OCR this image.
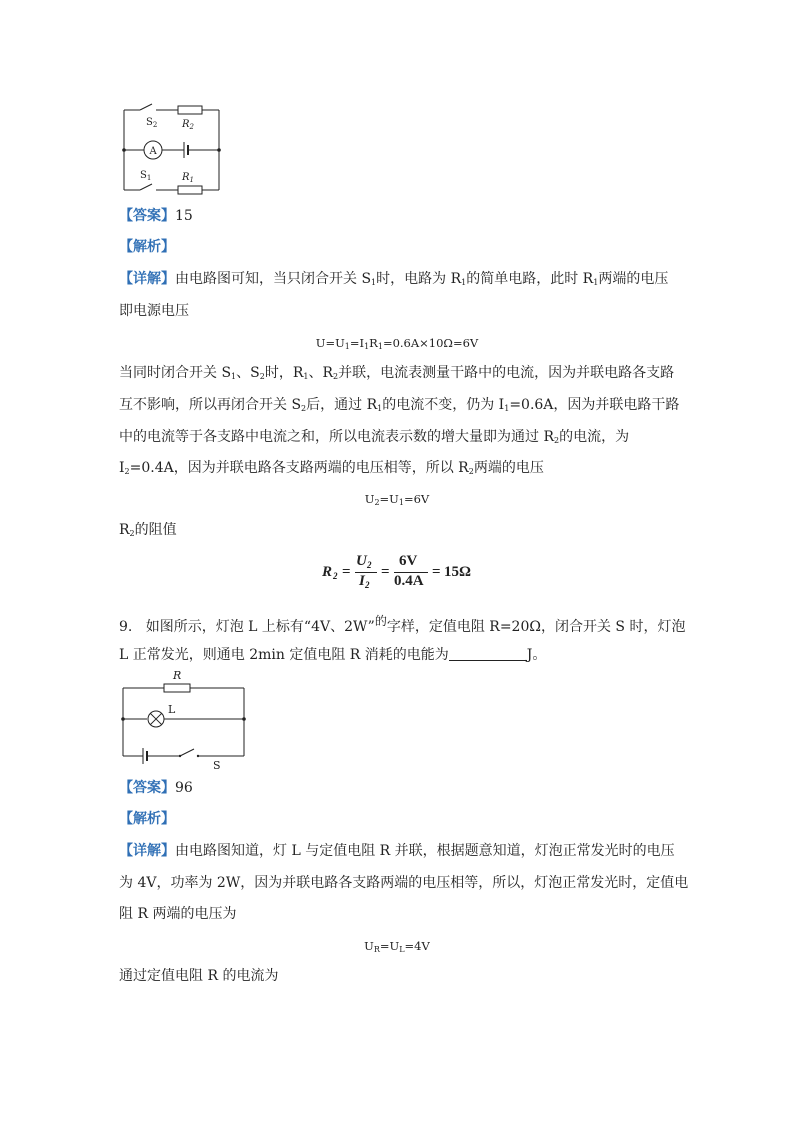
$S_2$ $R_2$
A
$S_1$	$R_1$
【答案】15
【解析】
【详解】由电路图可知，当只闭合开关 $S_1$时，电路为 $R_1$的简单电路，此时 $R_1$两端的电压
即电源电压
$U=U_1=I_1R_1=0.6A\times 10\Omega=6V$
当同时闭合开关 $S_1$、$S_2$时，$R_1$、$R_2$并联，电流表测量干路中的电流，因为并联电路各支路
互不影响，所以再闭合开关 $S_2$后，通过 $R_1$的电流不变，仍为 $I_1=0.6A$，因为并联电路干路
中的电流等于各支路中电流之和，所以电流表示数的增大量即为通过 $R_2$的电流，为
$I_2=0.4A$，因为并联电路各支路两端的电压相等，所以 $R_2$两端的电压
$U_2=U_1=6V$
$R_2$的阻值
R 2 =
U 2
I 2
=
6V
0.4A
= 15Ω
9. 如图所示，灯泡 L 上标有“4V、2W”的字样，定值电阻 R=20Ω，闭合开关 S 时，灯泡
L 正常发光，则通电 2min 定值电阻 R 消耗的电能为	J。
R
L
S
【答案】96
【解析】
【详解】由电路图知道，灯 L 与定值电阻 R 并联，根据题意知道，灯泡正常发光时的电压
为 4V，功率为 2W，因为并联电路各支路两端的电压相等，所以，灯泡正常发光时，定值电
阻 R 两端的电压为
$U_R=U_L=4V$
通过定值电阻 R 的电流为
